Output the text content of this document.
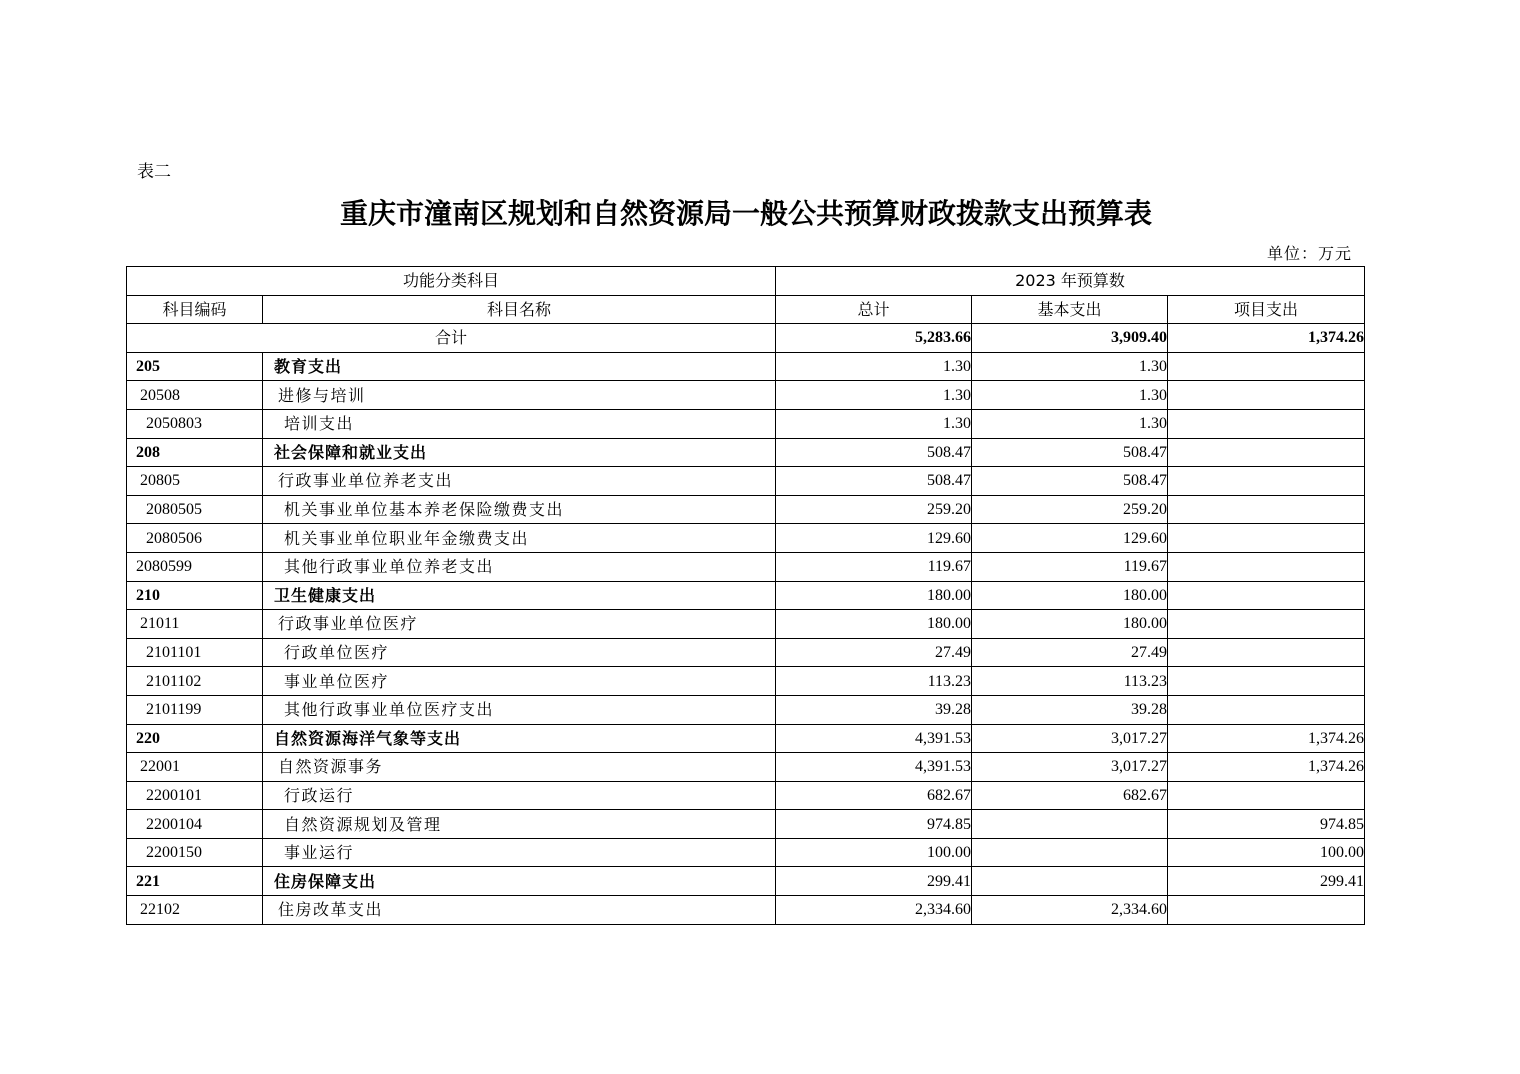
表二
重庆市潼南区规划和自然资源局一般公共预算财政拨款支出预算表
单位：万元
功能分类科目		2023 年预算数		
科目编码	科目名称	总计	基本支出	项目支出
合计		5,283.66	3,909.40	1,374.26
205	教育支出	1.30	1.30	
20508	进修与培训	1.30	1.30	
2050803	培训支出	1.30	1.30	
208	社会保障和就业支出	508.47	508.47	
20805	行政事业单位养老支出	508.47	508.47	
2080505	机关事业单位基本养老保险缴费支出	259.20	259.20	
2080506	机关事业单位职业年金缴费支出	129.60	129.60	
2080599	其他行政事业单位养老支出	119.67	119.67	
210	卫生健康支出	180.00	180.00	
21011	行政事业单位医疗	180.00	180.00	
2101101	行政单位医疗	27.49	27.49	
2101102	事业单位医疗	113.23	113.23	
2101199	其他行政事业单位医疗支出	39.28	39.28	
220	自然资源海洋气象等支出	4,391.53	3,017.27	1,374.26
22001	自然资源事务	4,391.53	3,017.27	1,374.26
2200101	行政运行	682.67	682.67	
2200104	自然资源规划及管理	974.85		974.85
2200150	事业运行	100.00		100.00
221	住房保障支出	299.41		299.41
22102	住房改革支出	2,334.60	2,334.60	
